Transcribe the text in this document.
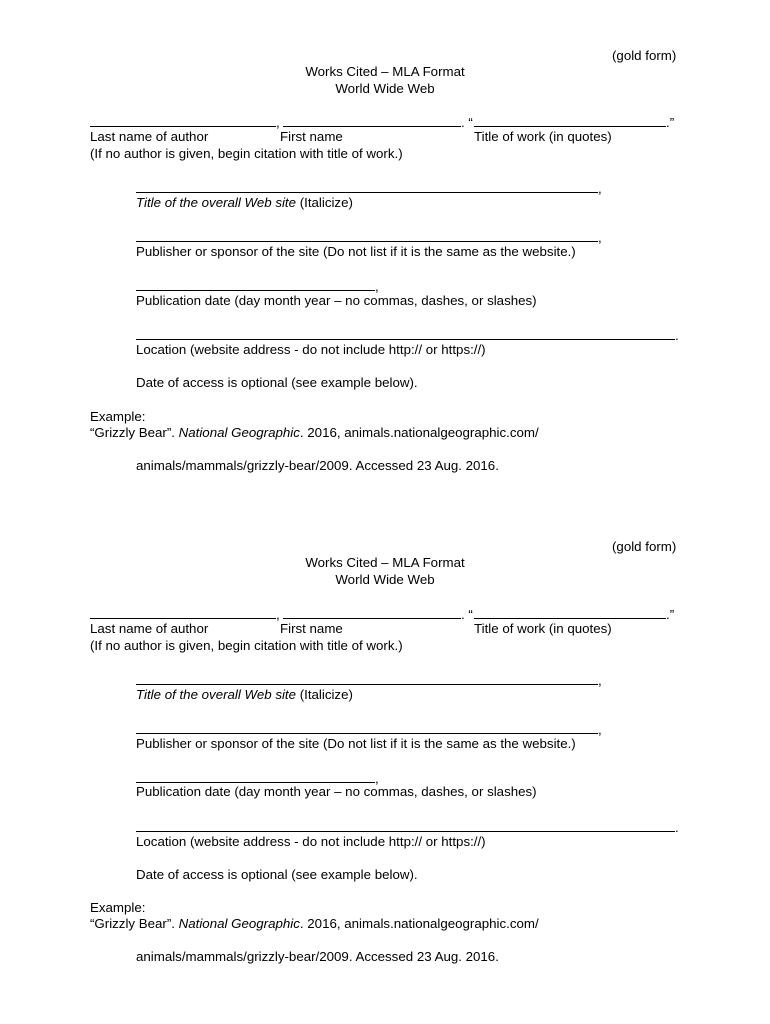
(gold form)
Works Cited – MLA Format
World Wide Web
,	. “	.”
Last name of author	First name	Title of work (in quotes)
(If no author is given, begin citation with title of work.)
,
Title of the overall Web site (Italicize)
,
Publisher or sponsor of the site (Do not list if it is the same as the website.)
,
Publication date (day month year – no commas, dashes, or slashes)
.
Location (website address - do not include http:// or https://)
Date of access is optional (see example below).
Example:
“Grizzly Bear”. National Geographic. 2016, animals.nationalgeographic.com/
animals/mammals/grizzly-bear/2009. Accessed 23 Aug. 2016.
(gold form)
Works Cited – MLA Format
World Wide Web
,	. “	.”
Last name of author	First name	Title of work (in quotes)
(If no author is given, begin citation with title of work.)
,
Title of the overall Web site (Italicize)
,
Publisher or sponsor of the site (Do not list if it is the same as the website.)
,
Publication date (day month year – no commas, dashes, or slashes)
.
Location (website address - do not include http:// or https://)
Date of access is optional (see example below).
Example:
“Grizzly Bear”. National Geographic. 2016, animals.nationalgeographic.com/
animals/mammals/grizzly-bear/2009. Accessed 23 Aug. 2016.
